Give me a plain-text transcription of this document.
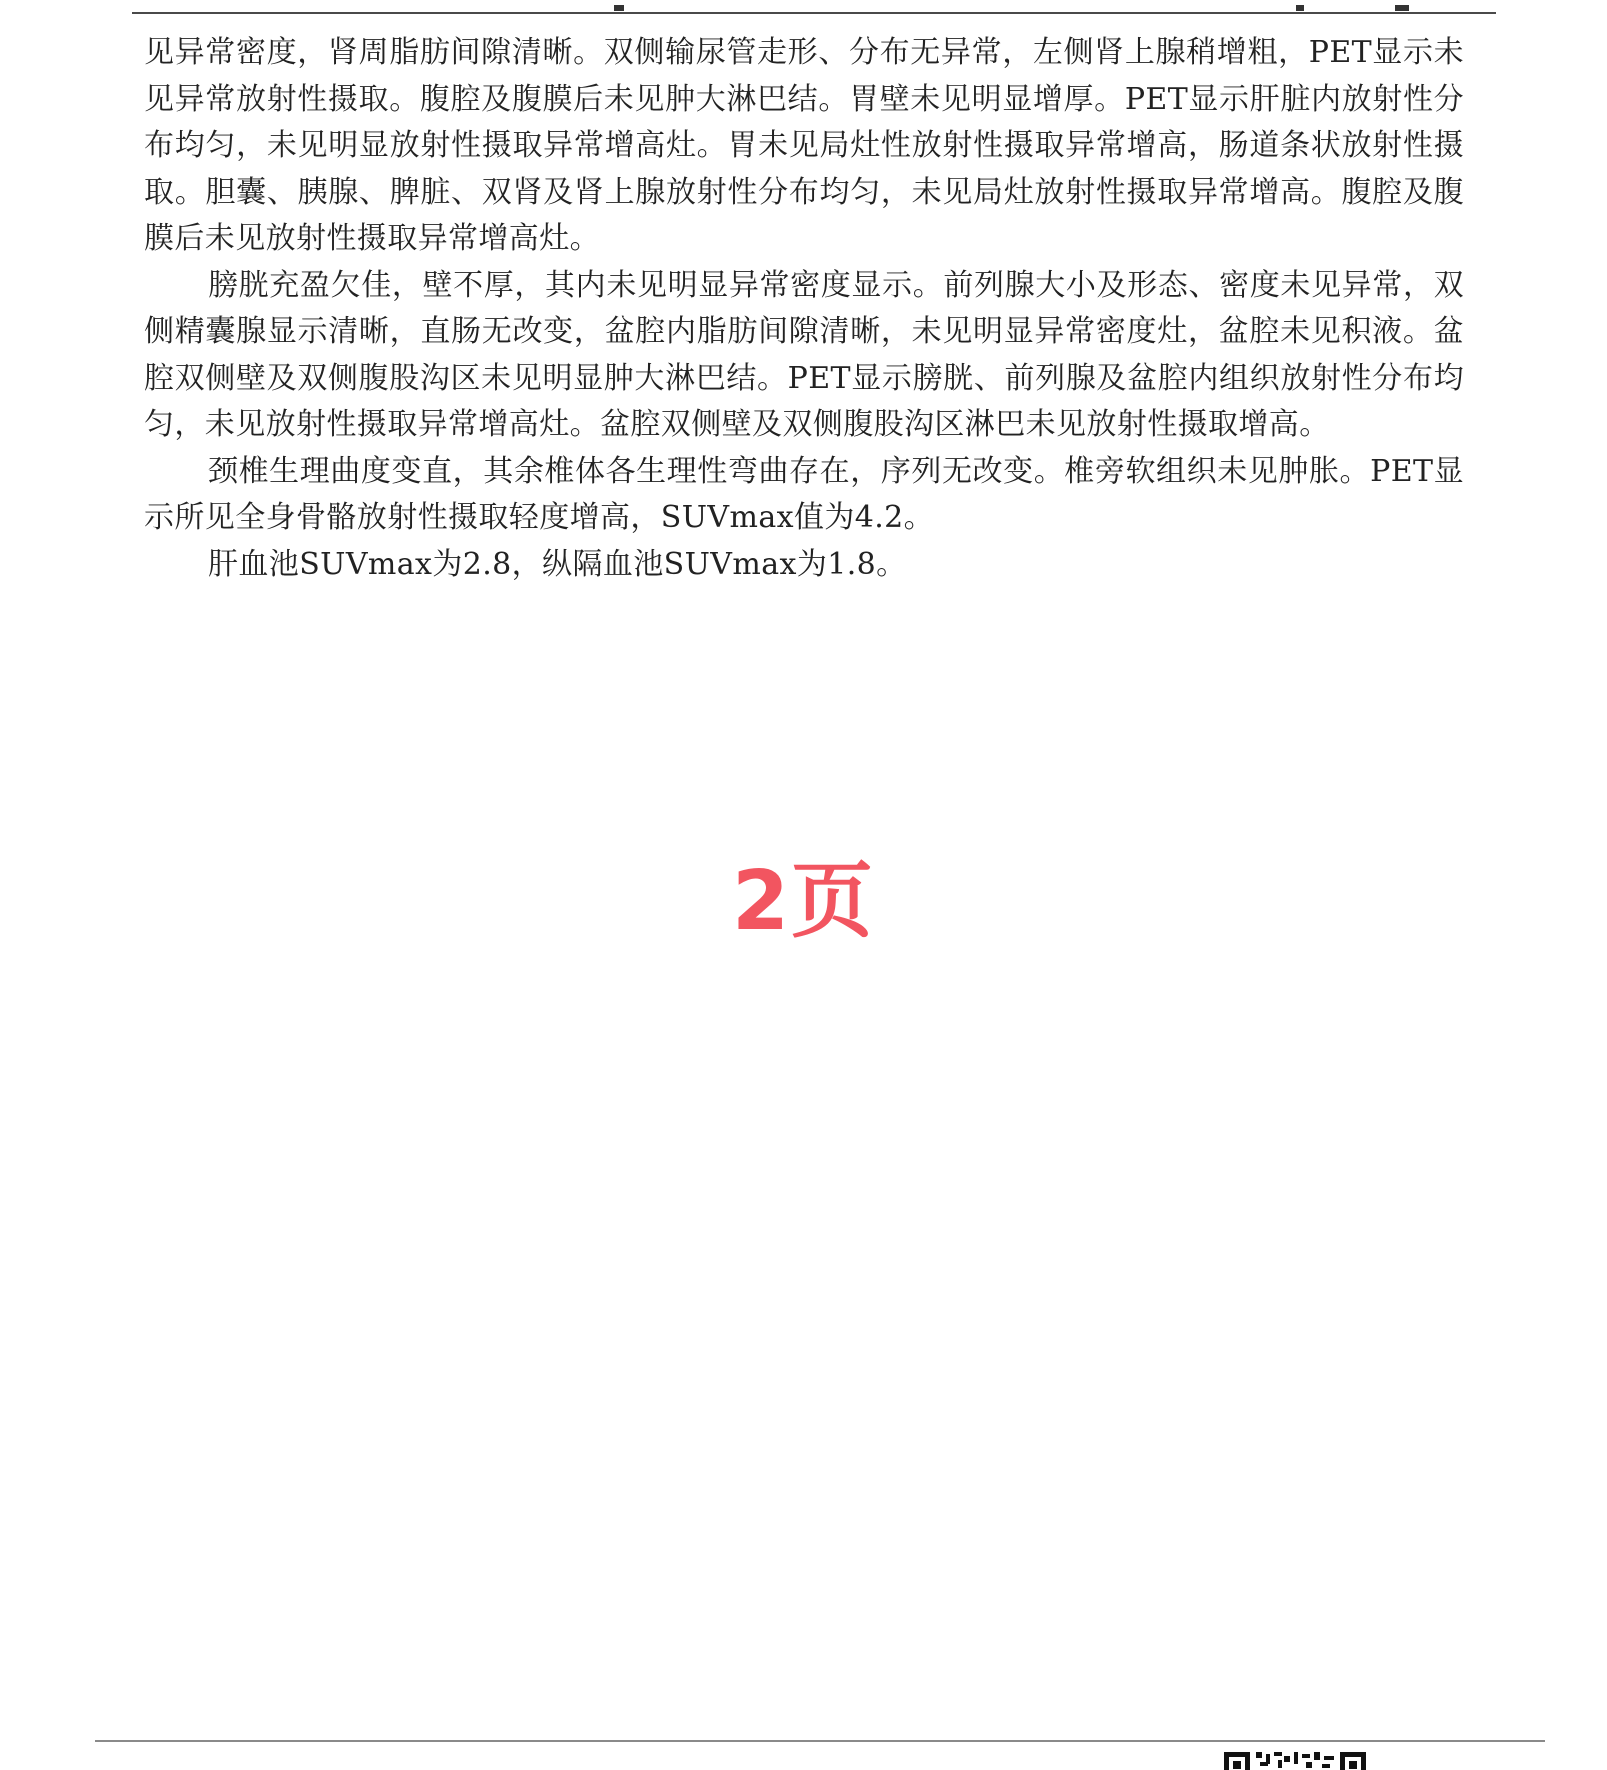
见异常密度，肾周脂肪间隙清晰。双侧输尿管走形、分布无异常，左侧肾上腺稍增粗，PET显示未见异常放射性摄取。腹腔及腹膜后未见肿大淋巴结。胃壁未见明显增厚。PET显示肝脏内放射性分布均匀，未见明显放射性摄取异常增高灶。胃未见局灶性放射性摄取异常增高，肠道条状放射性摄取。胆囊、胰腺、脾脏、双肾及肾上腺放射性分布均匀，未见局灶放射性摄取异常增高。腹腔及腹膜后未见放射性摄取异常增高灶。

膀胱充盈欠佳，壁不厚，其内未见明显异常密度显示。前列腺大小及形态、密度未见异常，双侧精囊腺显示清晰，直肠无改变，盆腔内脂肪间隙清晰，未见明显异常密度灶，盆腔未见积液。盆腔双侧壁及双侧腹股沟区未见明显肿大淋巴结。PET显示膀胱、前列腺及盆腔内组织放射性分布均匀，未见放射性摄取异常增高灶。盆腔双侧壁及双侧腹股沟区淋巴未见放射性摄取增高。

颈椎生理曲度变直，其余椎体各生理性弯曲存在，序列无改变。椎旁软组织未见肿胀。PET显示所见全身骨骼放射性摄取轻度增高，SUVmax值为4.2。

肝血池SUVmax为2.8，纵隔血池SUVmax为1.8。

2页
